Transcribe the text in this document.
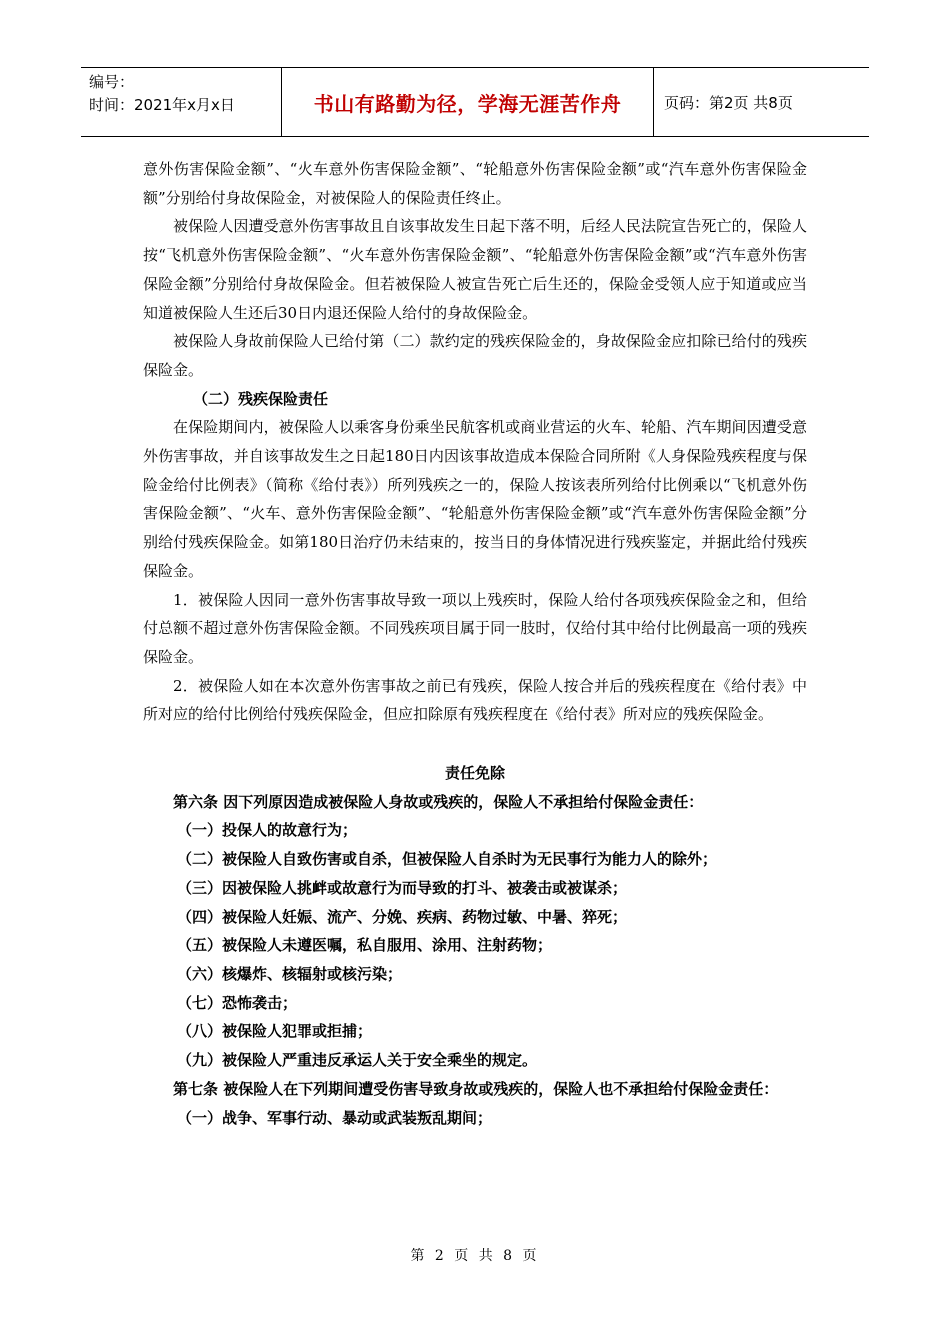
编号：
时间：2021年x月x日	书山有路勤为径，学海无涯苦作舟	页码：第2页 共8页

意外伤害保险金额”、“火车意外伤害保险金额”、“轮船意外伤害保险金额”或“汽车意外伤害保险金额”分别给付身故保险金，对被保险人的保险责任终止。

被保险人因遭受意外伤害事故且自该事故发生日起下落不明，后经人民法院宣告死亡的，保险人按“飞机意外伤害保险金额”、“火车意外伤害保险金额”、“轮船意外伤害保险金额”或“汽车意外伤害保险金额”分别给付身故保险金。但若被保险人被宣告死亡后生还的，保险金受领人应于知道或应当知道被保险人生还后30日内退还保险人给付的身故保险金。

被保险人身故前保险人已给付第（二）款约定的残疾保险金的，身故保险金应扣除已给付的残疾保险金。

（二）残疾保险责任

在保险期间内，被保险人以乘客身份乘坐民航客机或商业营运的火车、轮船、汽车期间因遭受意外伤害事故，并自该事故发生之日起180日内因该事故造成本保险合同所附《人身保险残疾程度与保险金给付比例表》（简称《给付表》）所列残疾之一的，保险人按该表所列给付比例乘以“飞机意外伤害保险金额”、“火车、意外伤害保险金额”、“轮船意外伤害保险金额”或“汽车意外伤害保险金额”分别给付残疾保险金。如第180日治疗仍未结束的，按当日的身体情况进行残疾鉴定，并据此给付残疾保险金。

1．被保险人因同一意外伤害事故导致一项以上残疾时，保险人给付各项残疾保险金之和，但给付总额不超过意外伤害保险金额。不同残疾项目属于同一肢时，仅给付其中给付比例最高一项的残疾保险金。

2．被保险人如在本次意外伤害事故之前已有残疾，保险人按合并后的残疾程度在《给付表》中所对应的给付比例给付残疾保险金，但应扣除原有残疾程度在《给付表》所对应的残疾保险金。

责任免除

第六条 因下列原因造成被保险人身故或残疾的，保险人不承担给付保险金责任：

（一）投保人的故意行为；

（二）被保险人自致伤害或自杀，但被保险人自杀时为无民事行为能力人的除外；

（三）因被保险人挑衅或故意行为而导致的打斗、被袭击或被谋杀；

（四）被保险人妊娠、流产、分娩、疾病、药物过敏、中暑、猝死；

（五）被保险人未遵医嘱，私自服用、涂用、注射药物；

（六）核爆炸、核辐射或核污染；

（七）恐怖袭击；

（八）被保险人犯罪或拒捕；

（九）被保险人严重违反承运人关于安全乘坐的规定。

第七条 被保险人在下列期间遭受伤害导致身故或残疾的，保险人也不承担给付保险金责任：

（一）战争、军事行动、暴动或武装叛乱期间；

第 2 页 共 8 页
